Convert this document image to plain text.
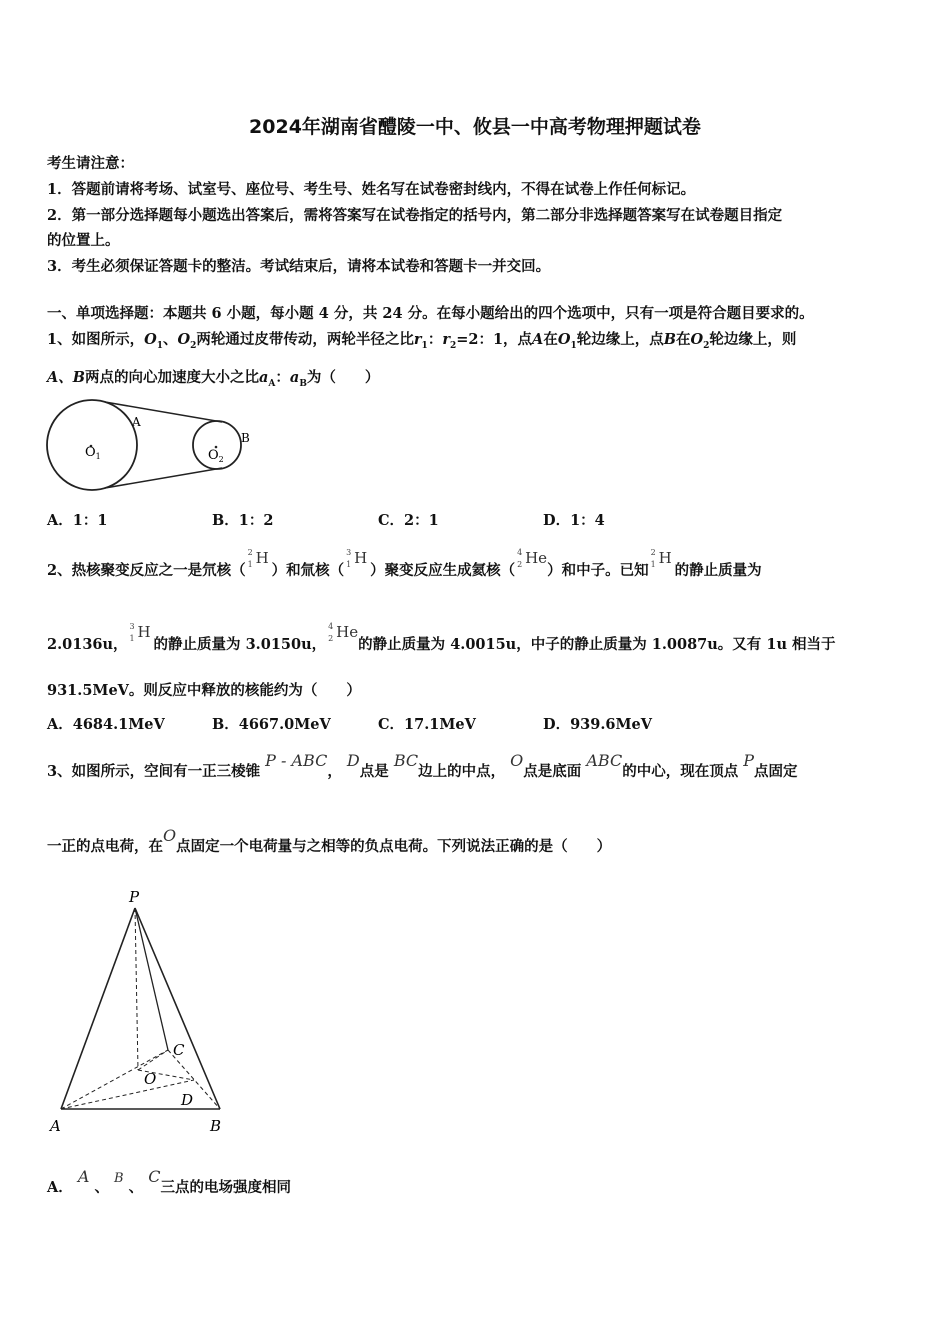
2024年湖南省醴陵一中、攸县一中高考物理押题试卷
考生请注意：
1．答题前请将考场、试室号、座位号、考生号、姓名写在试卷密封线内，不得在试卷上作任何标记。
2．第一部分选择题每小题选出答案后，需将答案写在试卷指定的括号内，第二部分非选择题答案写在试卷题目指定
的位置上。
3．考生必须保证答题卡的整洁。考试结束后，请将本试卷和答题卡一并交回。
一、单项选择题：本题共 6 小题，每小题 4 分，共 24 分。在每小题给出的四个选项中，只有一项是符合题目要求的。
1、如图所示，$O_1$、$O_2$两轮通过皮带传动，两轮半径之比$r_1$：$r_2=2$：1，点A在$O_1$轮边缘上，点B在$O_2$轮边缘上，则
A、B两点的向心加速度大小之比$a_A$：$a_B$为（　　）
$O_1$	$O_2$
A
B
A．1：1	B．1：2	C．2：1	D．1：4
2、热核聚变反应之一是氘核（
2
1 H
）和氚核（
3
1 H
）聚变反应生成氦核（
4
2 He
）和中子。已知
2
1 H
的静止质量为
2.0136u，
3
1 H
的静止质量为 3.0150u，
4
2 He
的静止质量为 4.0015u，中子的静止质量为 1.0087u。又有 1u 相当于
931.5MeV。则反应中释放的核能约为（　　）
A．4684.1MeV	B．4667.0MeV	C．17.1MeV	D．939.6MeV
3、如图所示，空间有一正三棱锥 P - ABC， D点是 BC边上的中点， O点是底面 ABC的中心，现在顶点 P点固定
一正的点电荷，在O点固定一个电荷量与之相等的负点电荷。下列说法正确的是（　　）
P
A	B
C
O
D
A． A 、 B 、 C三点的电场强度相同
